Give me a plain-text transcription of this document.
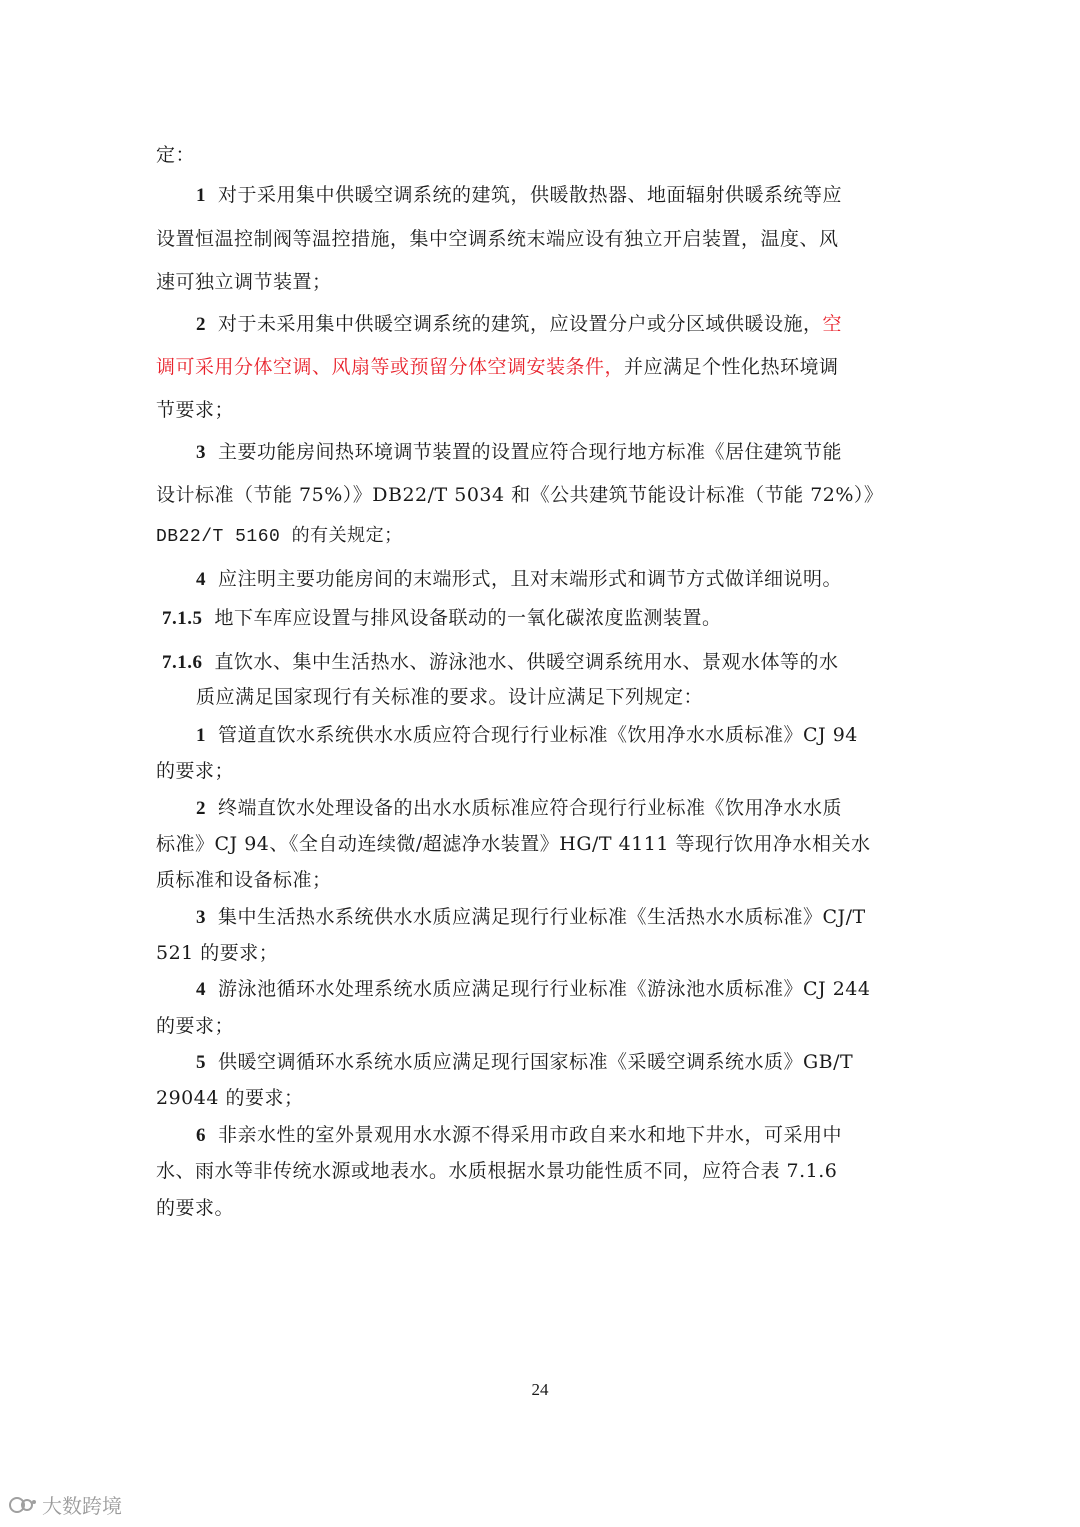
定：
1 对于采用集中供暖空调系统的建筑，供暖散热器、地面辐射供暖系统等应
设置恒温控制阀等温控措施，集中空调系统末端应设有独立开启装置，温度、风
速可独立调节装置；
2 对于未采用集中供暖空调系统的建筑，应设置分户或分区域供暖设施，空
调可采用分体空调、风扇等或预留分体空调安装条件，并应满足个性化热环境调
节要求；
3 主要功能房间热环境调节装置的设置应符合现行地方标准《居住建筑节能
设计标准（节能 75%）》DB22/T 5034 和《公共建筑节能设计标准（节能 72%）》
DB22/T 5160 的有关规定；
4 应注明主要功能房间的末端形式，且对末端形式和调节方式做详细说明。
7.1.5 地下车库应设置与排风设备联动的一氧化碳浓度监测装置。
7.1.6 直饮水、集中生活热水、游泳池水、供暖空调系统用水、景观水体等的水
质应满足国家现行有关标准的要求。设计应满足下列规定：
1 管道直饮水系统供水水质应符合现行行业标准《饮用净水水质标准》CJ 94
的要求；
2 终端直饮水处理设备的出水水质标准应符合现行行业标准《饮用净水水质
标准》CJ 94、《全自动连续微/超滤净水装置》HG/T 4111 等现行饮用净水相关水
质标准和设备标准；
3 集中生活热水系统供水水质应满足现行行业标准《生活热水水质标准》CJ/T
521 的要求；
4 游泳池循环水处理系统水质应满足现行行业标准《游泳池水质标准》CJ 244
的要求；
5 供暖空调循环水系统水质应满足现行国家标准《采暖空调系统水质》GB/T
29044 的要求；
6 非亲水性的室外景观用水水源不得采用市政自来水和地下井水，可采用中
水、雨水等非传统水源或地表水。水质根据水景功能性质不同，应符合表 7.1.6
的要求。
24
大数跨境
